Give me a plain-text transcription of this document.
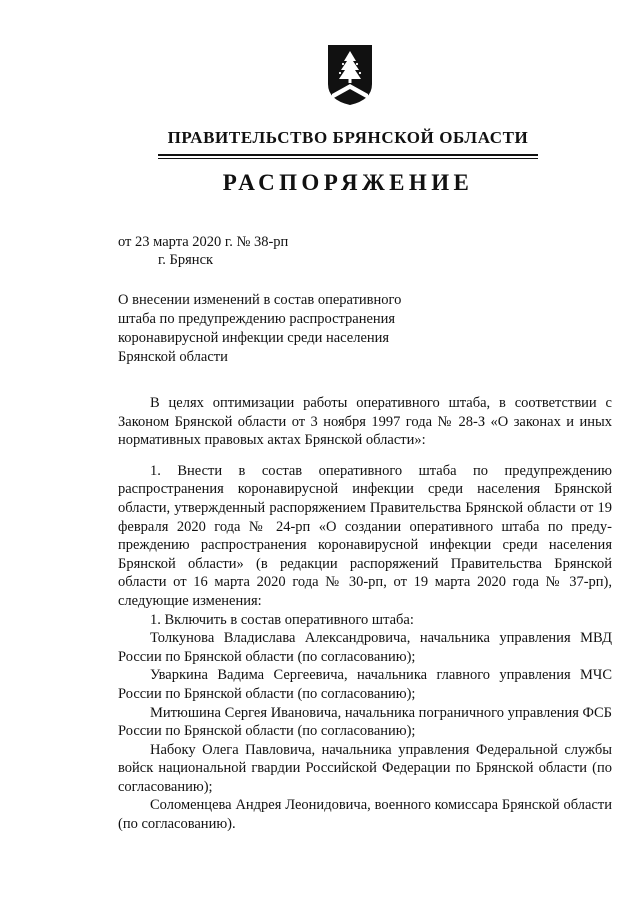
ПРАВИТЕЛЬСТВО БРЯНСКОЙ ОБЛАСТИ
РАСПОРЯЖЕНИЕ
от 23 марта 2020 г. № 38-рп
г. Брянск
О внесении изменений в состав оперативного
штаба по предупреждению распространения
коронавирусной инфекции среди населения
Брянской области
В целях оптимизации работы оперативного штаба, в соответствии с Законом Брянской области от 3 ноября 1997 года № 28-З «О законах и иных нормативных правовых актах Брянской области»:
1. Внести в состав оперативного штаба по предупреждению распространения коронавирусной инфекции среди населения Брянской области, утвержденный распоряжением Правительства Брянской области от 19 февраля 2020 года № 24-рп «О создании оперативного штаба по преду-преждению распространения коронавирусной инфекции среди населения Брянской области» (в редакции распоряжений Правительства Брянской области от 16 марта 2020 года № 30-рп, от 19 марта 2020 года № 37-рп), следующие изменения:
1. Включить в состав оперативного штаба:
Толкунова Владислава Александровича, начальника управления МВД России по Брянской области (по согласованию);
Уваркина Вадима Сергеевича, начальника главного управления МЧС России по Брянской области (по согласованию);
Митюшина Сергея Ивановича, начальника пограничного управления ФСБ России по Брянской области (по согласованию);
Набоку Олега Павловича, начальника управления Федеральной службы войск национальной гвардии Российской Федерации по Брянской области (по согласованию);
Соломенцева Андрея Леонидовича, военного комиссара Брянской области (по согласованию).
